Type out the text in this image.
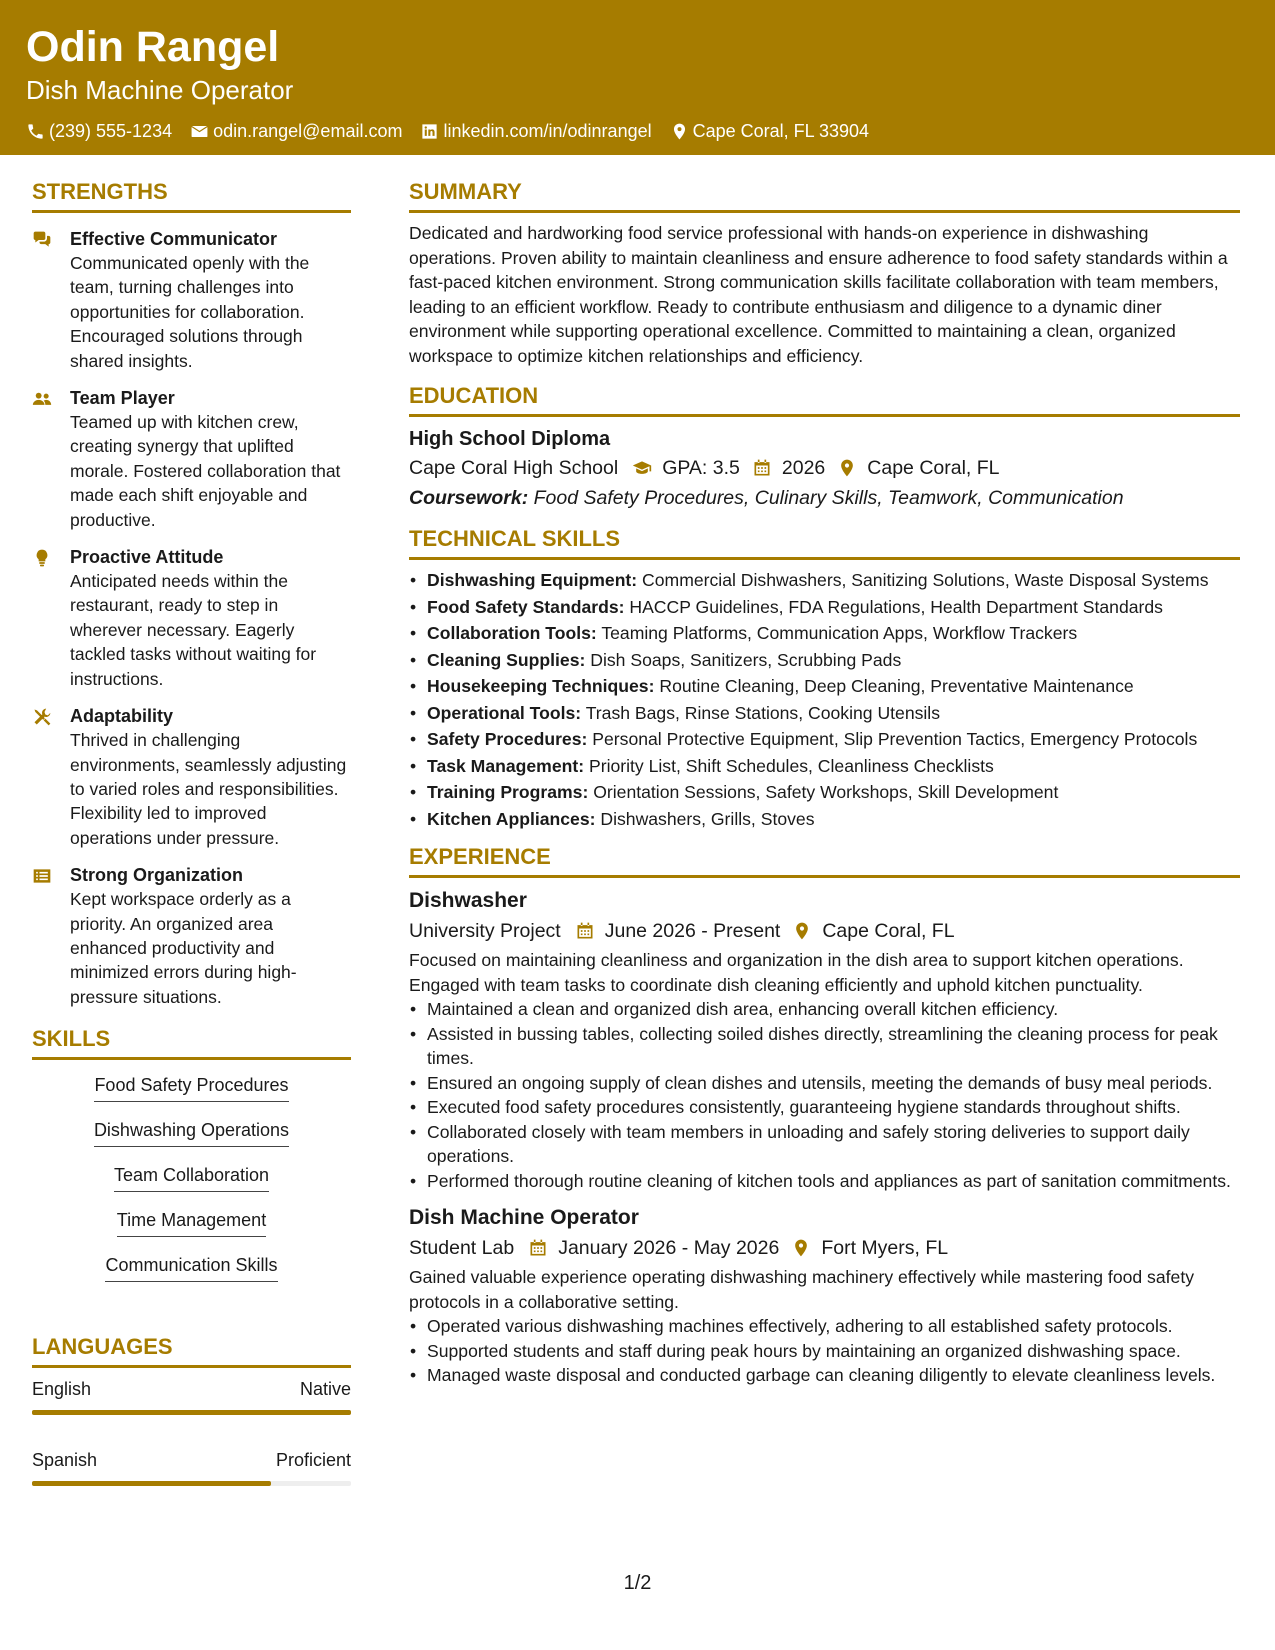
Odin Rangel
Dish Machine Operator
(239) 555-1234 odin.rangel@email.com linkedin.com/in/odinrangel Cape Coral, FL 33904
STRENGTHS
Effective Communicator
Communicated openly with the team, turning challenges into opportunities for collaboration. Encouraged solutions through shared insights.
Team Player
Teamed up with kitchen crew, creating synergy that uplifted morale. Fostered collaboration that made each shift enjoyable and productive.
Proactive Attitude
Anticipated needs within the restaurant, ready to step in wherever necessary. Eagerly tackled tasks without waiting for instructions.
Adaptability
Thrived in challenging environments, seamlessly adjusting to varied roles and responsibilities. Flexibility led to improved operations under pressure.
Strong Organization
Kept workspace orderly as a priority. An organized area enhanced productivity and minimized errors during high-pressure situations.
SKILLS
Food Safety Procedures
Dishwashing Operations
Team Collaboration
Time Management
Communication Skills
LANGUAGES
English	Native
Spanish	Proficient
SUMMARY
Dedicated and hardworking food service professional with hands-on experience in dishwashing operations. Proven ability to maintain cleanliness and ensure adherence to food safety standards within a fast-paced kitchen environment. Strong communication skills facilitate collaboration with team members, leading to an efficient workflow. Ready to contribute enthusiasm and diligence to a dynamic diner environment while supporting operational excellence. Committed to maintaining a clean, organized workspace to optimize kitchen relationships and efficiency.
EDUCATION
High School Diploma
Cape Coral High School GPA: 3.5 2026 Cape Coral, FL
Coursework: Food Safety Procedures, Culinary Skills, Teamwork, Communication
TECHNICAL SKILLS
• Dishwashing Equipment: Commercial Dishwashers, Sanitizing Solutions, Waste Disposal Systems
• Food Safety Standards: HACCP Guidelines, FDA Regulations, Health Department Standards
• Collaboration Tools: Teaming Platforms, Communication Apps, Workflow Trackers
• Cleaning Supplies: Dish Soaps, Sanitizers, Scrubbing Pads
• Housekeeping Techniques: Routine Cleaning, Deep Cleaning, Preventative Maintenance
• Operational Tools: Trash Bags, Rinse Stations, Cooking Utensils
• Safety Procedures: Personal Protective Equipment, Slip Prevention Tactics, Emergency Protocols
• Task Management: Priority List, Shift Schedules, Cleanliness Checklists
• Training Programs: Orientation Sessions, Safety Workshops, Skill Development
• Kitchen Appliances: Dishwashers, Grills, Stoves
EXPERIENCE
Dishwasher
University Project June 2026 - Present Cape Coral, FL
Focused on maintaining cleanliness and organization in the dish area to support kitchen operations. Engaged with team tasks to coordinate dish cleaning efficiently and uphold kitchen punctuality.
• Maintained a clean and organized dish area, enhancing overall kitchen efficiency.
• Assisted in bussing tables, collecting soiled dishes directly, streamlining the cleaning process for peak times.
• Ensured an ongoing supply of clean dishes and utensils, meeting the demands of busy meal periods.
• Executed food safety procedures consistently, guaranteeing hygiene standards throughout shifts.
• Collaborated closely with team members in unloading and safely storing deliveries to support daily operations.
• Performed thorough routine cleaning of kitchen tools and appliances as part of sanitation commitments.
Dish Machine Operator
Student Lab January 2026 - May 2026 Fort Myers, FL
Gained valuable experience operating dishwashing machinery effectively while mastering food safety protocols in a collaborative setting.
• Operated various dishwashing machines effectively, adhering to all established safety protocols.
• Supported students and staff during peak hours by maintaining an organized dishwashing space.
• Managed waste disposal and conducted garbage can cleaning diligently to elevate cleanliness levels.
1/2
